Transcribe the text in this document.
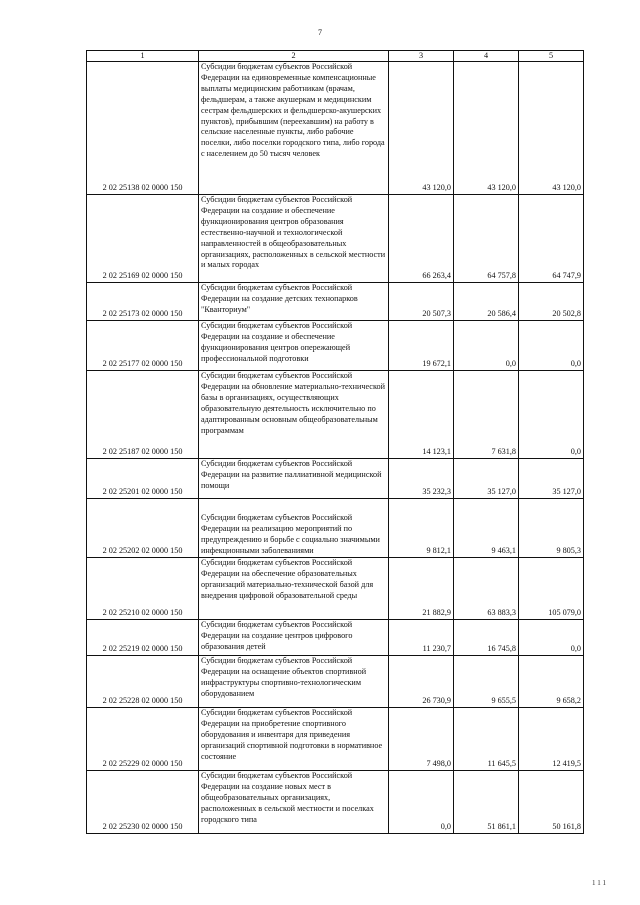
7
1	2	3	4	5
2 02 25138 02 0000 150	Субсидии бюджетам субъектов Российской Федерации на единовременные компенсационные выплаты медицинским работникам (врачам, фельдшерам, а также акушеркам и медицинским сестрам фельдшерских и фельдшерско-акушерских пунктов), прибывшим (переехавшим) на работу в сельские населенные пункты, либо рабочие поселки, либо поселки городского типа, либо города с населением до 50 тысяч человек	43 120,0	43 120,0	43 120,0
2 02 25169 02 0000 150	Субсидии бюджетам субъектов Российской Федерации на создание и обеспечение функционирования центров образования естественно-научной и технологической направленностей в общеобразовательных организациях, расположенных в сельской местности и малых городах	66 263,4	64 757,8	64 747,9
2 02 25173 02 0000 150	Субсидии бюджетам субъектов Российской Федерации на создание детских технопарков "Кванториум"	20 507,3	20 586,4	20 502,8
2 02 25177 02 0000 150	Субсидии бюджетам субъектов Российской Федерации на создание и обеспечение функционирования центров опережающей профессиональной подготовки	19 672,1	0,0	0,0
2 02 25187 02 0000 150	Субсидии бюджетам субъектов Российской Федерации на обновление материально-технической базы в организациях, осуществляющих образовательную деятельность исключительно по адаптированным основным общеобразовательным программам	14 123,1	7 631,8	0,0
2 02 25201 02 0000 150	Субсидии бюджетам субъектов Российской Федерации на развитие паллиативной медицинской помощи	35 232,3	35 127,0	35 127,0
2 02 25202 02 0000 150	Субсидии бюджетам субъектов Российской Федерации на реализацию мероприятий по предупреждению и борьбе с социально значимыми инфекционными заболеваниями	9 812,1	9 463,1	9 805,3
2 02 25210 02 0000 150	Субсидии бюджетам субъектов Российской Федерации на обеспечение образовательных организаций материально-технической базой для внедрения цифровой образовательной среды	21 882,9	63 883,3	105 079,0
2 02 25219 02 0000 150	Субсидии бюджетам субъектов Российской Федерации на создание центров цифрового образования детей	11 230,7	16 745,8	0,0
2 02 25228 02 0000 150	Субсидии бюджетам субъектов Российской Федерации на оснащение объектов спортивной инфраструктуры спортивно-технологическим оборудованием	26 730,9	9 655,5	9 658,2
2 02 25229 02 0000 150	Субсидии бюджетам субъектов Российской Федерации на приобретение спортивного оборудования и инвентаря для приведения организаций спортивной подготовки в нормативное состояние	7 498,0	11 645,5	12 419,5
2 02 25230 02 0000 150	Субсидии бюджетам субъектов Российской Федерации на создание новых мест в общеобразовательных организациях, расположенных в сельской местности и поселках городского типа	0,0	51 861,1	50 161,8
111
